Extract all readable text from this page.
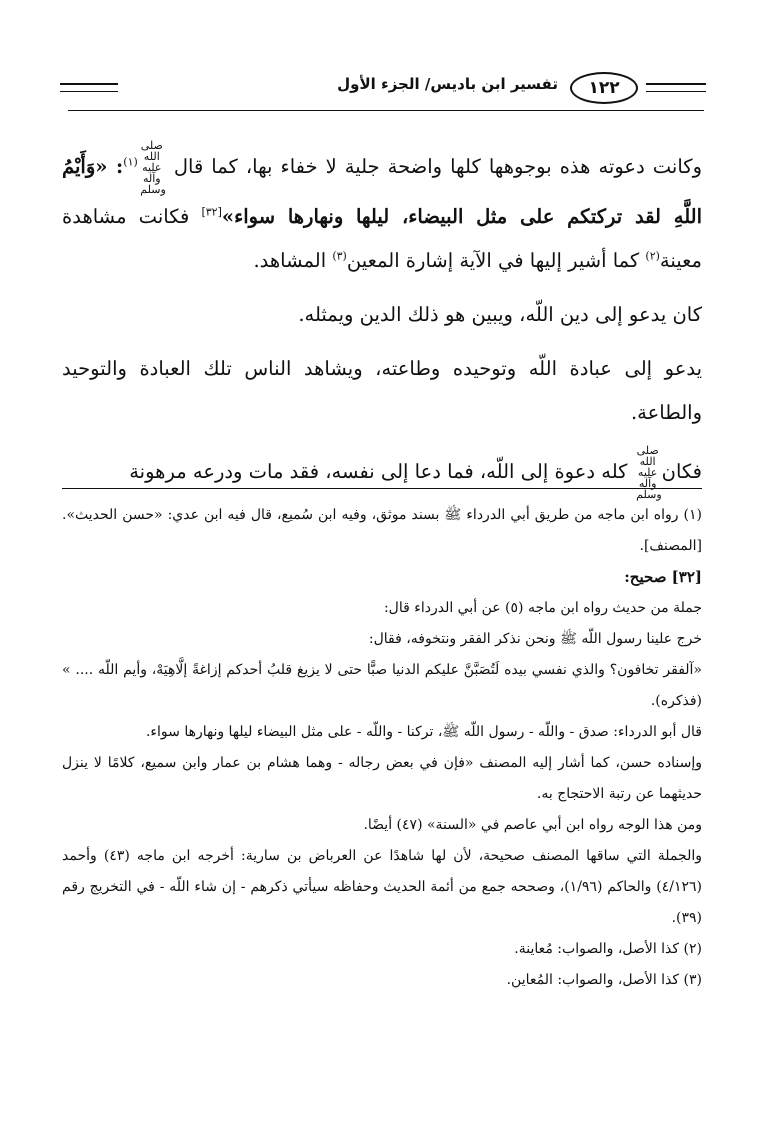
١٢٢
تفسير ابن باديس/ الجزء الأول

وكانت دعوته هذه بوجوهها كلها واضحة جلية لا خفاء بها، كما قال صلى الله عليه وآله وسلم$^{(١)}$: «وَأَيْمُ اللَّهِ لقد تركتكم على مثل البيضاء، ليلها ونهارها سواء»[٣٢] فكانت مشاهدة معينة$^{(٢)}$ كما أشير إليها في الآية إشارة المعين$^{(٣)}$ المشاهد.

كان يدعو إلى دين اللّه، ويبين هو ذلك الدين ويمثله.

يدعو إلى عبادة اللّه وتوحيده وطاعته، ويشاهد الناس تلك العبادة والتوحيد والطاعة.

فكانصلى الله عليه وآله وسلم كله دعوة إلى اللّه، فما دعا إلى نفسه، فقد مات ودرعه مرهونة

(١) رواه ابن ماجه من طريق أبي الدرداء ﷺ بسند موثق، وفيه ابن سُميع، قال فيه ابن عدي: «حسن الحديث». [المصنف].

[٣٢] صحيح:

جملة من حديث رواه ابن ماجه (٥) عن أبي الدرداء قال:

خرج علينا رسول اللّه ﷺ ونحن نذكر الفقر ونتخوفه، فقال:

«آلفقر تخافون؟ والذي نفسي بيده لَتُصَبَّنَّ عليكم الدنيا صبًّا حتى لا يزيغ قلبُ أحدكم إزاغةً إلَّاهِيَهْ، وأيم اللّه .... » (فذكره).

قال أبو الدرداء: صدق - واللّه - رسول اللّه ﷺ، تركنا - واللّه - على مثل البيضاء ليلها ونهارها سواء.

وإسناده حسن، كما أشار إليه المصنف «فإن في بعض رجاله - وهما هشام بن عمار وابن سميع، كلامًا لا ينزل حديثهما عن رتبة الاحتجاج به.

ومن هذا الوجه رواه ابن أبي عاصم في «السنة» (٤٧) أيضًا.

والجملة التي ساقها المصنف صحيحة، لأن لها شاهدًا عن العرباض بن سارية: أخرجه ابن ماجه (٤٣) وأحمد (٤/١٢٦) والحاكم (١/٩٦)، وصححه جمع من أئمة الحديث وحفاظه سيأتي ذكرهم - إن شاء اللّه - في التخريج رقم (٣٩).

(٢) كذا الأصل، والصواب: مُعاينة.

(٣) كذا الأصل، والصواب: المُعاين.
